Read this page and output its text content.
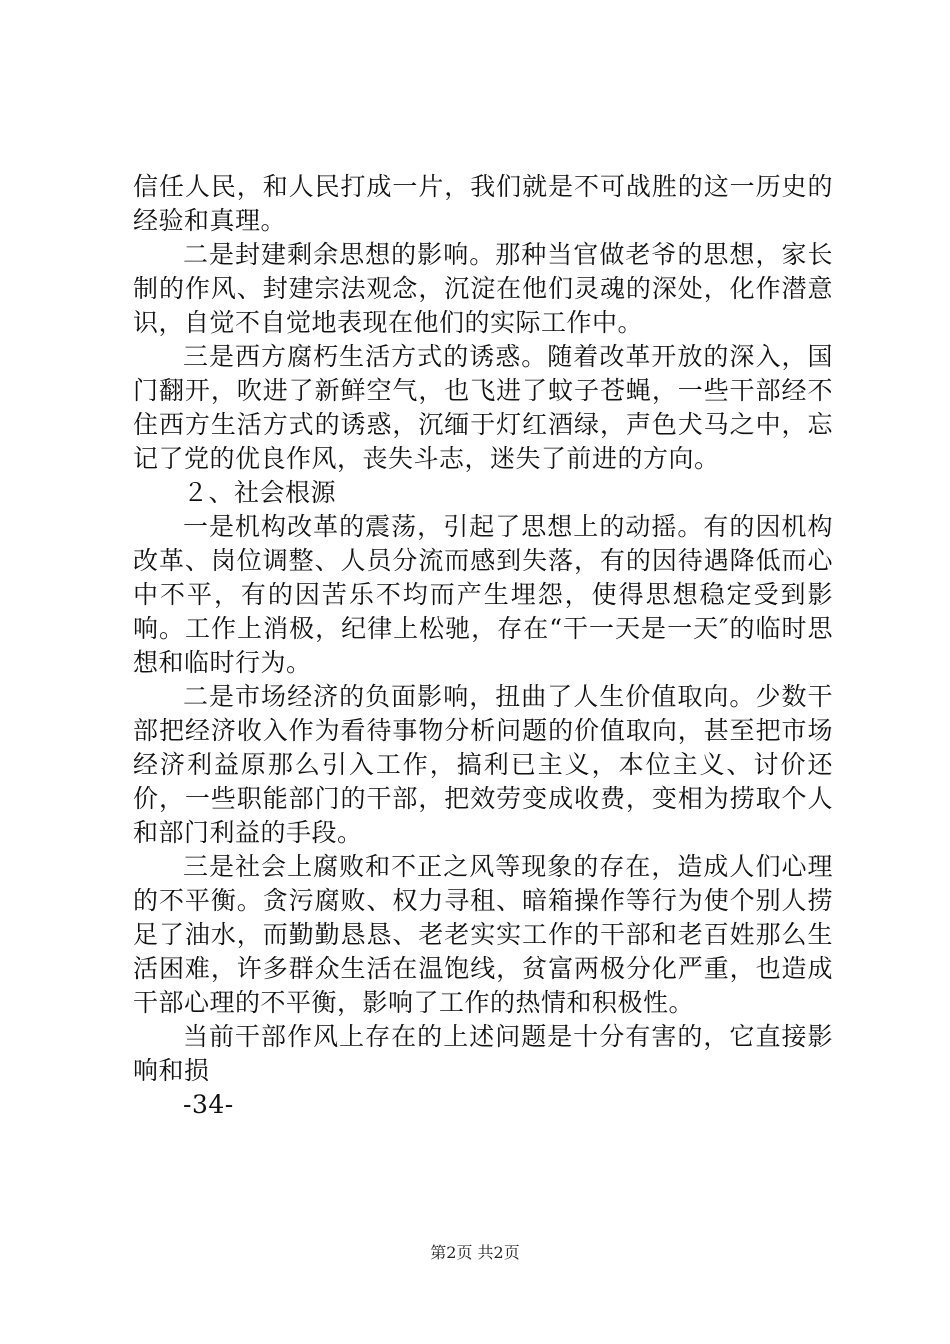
信任人民，和人民打成一片，我们就是不可战胜的这一历史的经验和真理。

二是封建剩余思想的影响。那种当官做老爷的思想，家长制的作风、封建宗法观念，沉淀在他们灵魂的深处，化作潜意识，自觉不自觉地表现在他们的实际工作中。

三是西方腐朽生活方式的诱惑。随着改革开放的深入，国门翻开，吹进了新鲜空气，也飞进了蚊子苍蝇，一些干部经不住西方生活方式的诱惑，沉缅于灯红酒绿，声色犬马之中，忘记了党的优良作风，丧失斗志，迷失了前进的方向。

２、社会根源

一是机构改革的震荡，引起了思想上的动摇。有的因机构改革、岗位调整、人员分流而感到失落，有的因待遇降低而心中不平，有的因苦乐不均而产生埋怨，使得思想稳定受到影响。工作上消极，纪律上松驰，存在“干一天是一天″的临时思想和临时行为。

二是市场经济的负面影响，扭曲了人生价值取向。少数干部把经济收入作为看待事物分析问题的价值取向，甚至把市场经济利益原那么引入工作，搞利已主义，本位主义、讨价还价，一些职能部门的干部，把效劳变成收费，变相为捞取个人和部门利益的手段。

三是社会上腐败和不正之风等现象的存在，造成人们心理的不平衡。贪污腐败、权力寻租、暗箱操作等行为使个别人捞足了油水，而勤勤恳恳、老老实实工作的干部和老百姓那么生活困难，许多群众生活在温饱线，贫富两极分化严重，也造成干部心理的不平衡，影响了工作的热情和积极性。

当前干部作风上存在的上述问题是十分有害的，它直接影响和损

-34-

第2页 共2页
